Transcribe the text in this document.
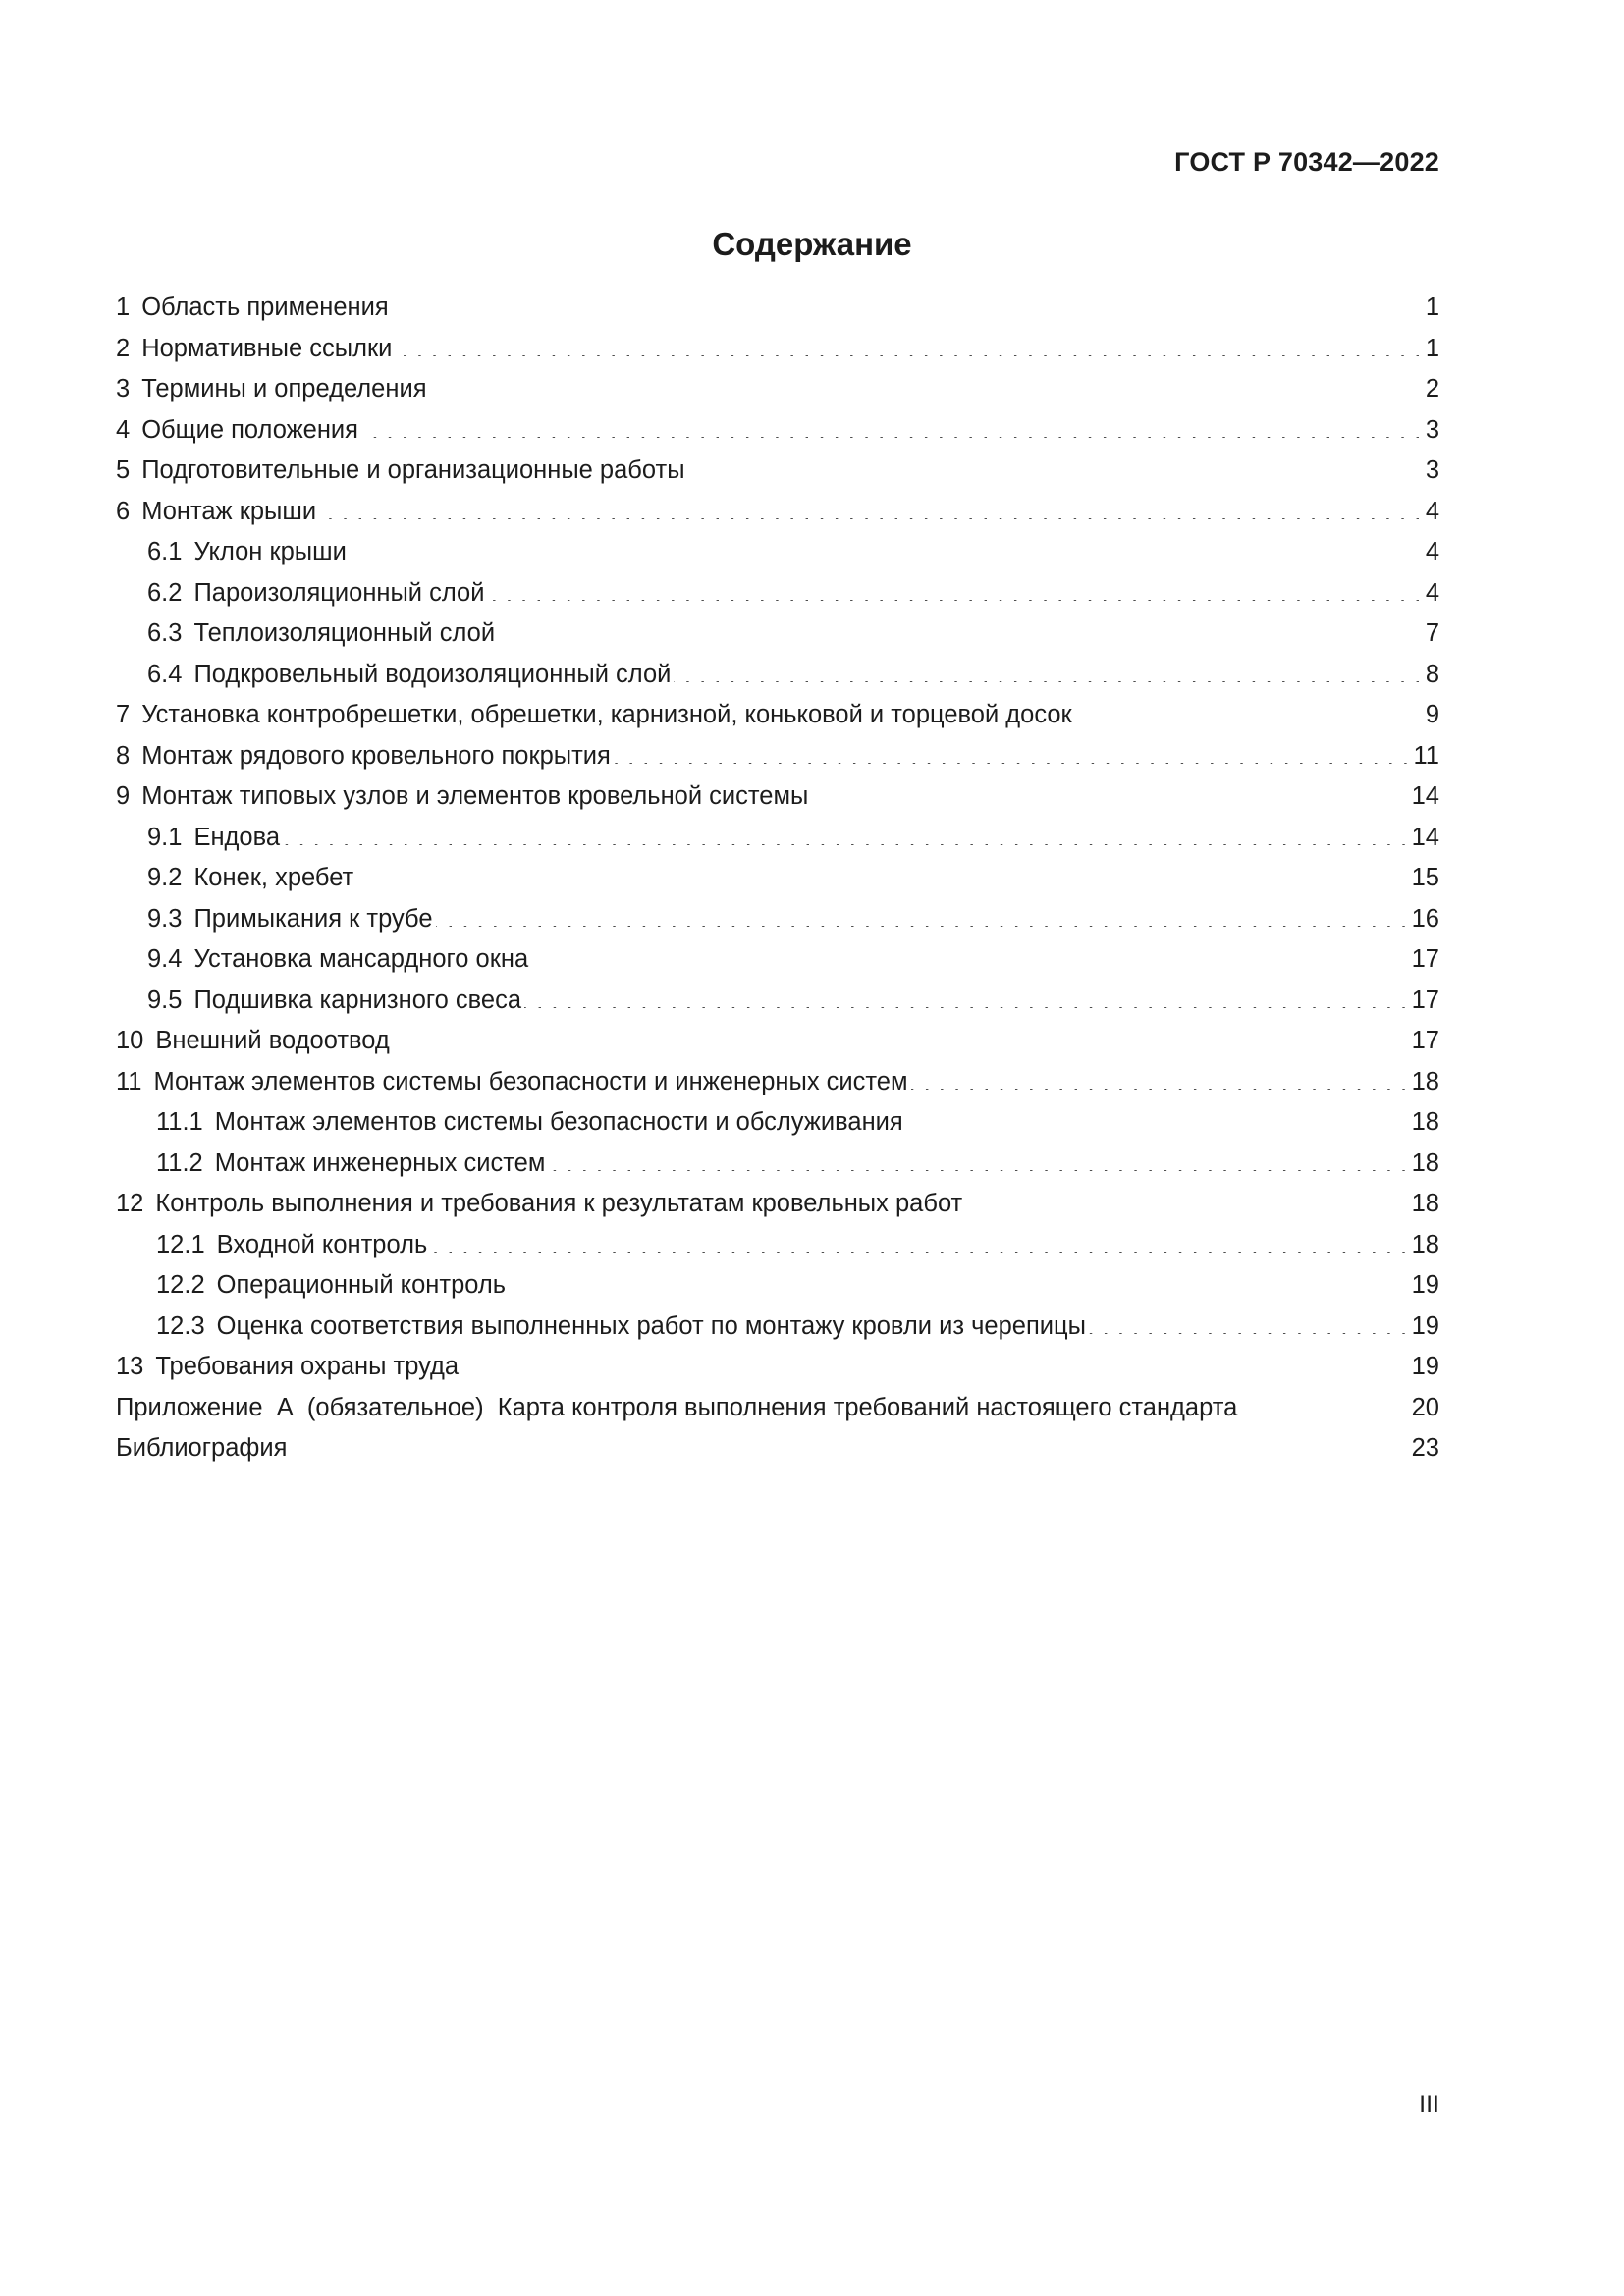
ГОСТ Р 70342—2022
Содержание
1 Область применения . . .	1
2 Нормативные ссылки . . .	1
3 Термины и определения . . .	2
4 Общие положения . . .	3
5 Подготовительные и организационные работы . . .	3
6 Монтаж крыши . . .	4
6.1 Уклон крыши . . .	4
6.2 Пароизоляционный слой . . .	4
6.3 Теплоизоляционный слой . . .	7
6.4 Подкровельный водоизоляционный слой . . .	8
7 Установка контробрешетки, обрешетки, карнизной, коньковой и торцевой досок . . .	9
8 Монтаж рядового кровельного покрытия . . .	11
9 Монтаж типовых узлов и элементов кровельной системы . . .	14
9.1 Ендова . . .	14
9.2 Конек, хребет . . .	15
9.3 Примыкания к трубе . . .	16
9.4 Установка мансардного окна . . .	17
9.5 Подшивка карнизного свеса . . .	17
10 Внешний водоотвод . . .	17
11 Монтаж элементов системы безопасности и инженерных систем . . .	18
11.1 Монтаж элементов системы безопасности и обслуживания . . .	18
11.2 Монтаж инженерных систем . . .	18
12 Контроль выполнения и требования к результатам кровельных работ . . .	18
12.1 Входной контроль . . .	18
12.2 Операционный контроль . . .	19
12.3 Оценка соответствия выполненных работ по монтажу кровли из черепицы . . .	19
13 Требования охраны труда . . .	19
Приложение  А  (обязательное)  Карта контроля выполнения требований настоящего стандарта . . .	20
Библиография . . .	23
III
